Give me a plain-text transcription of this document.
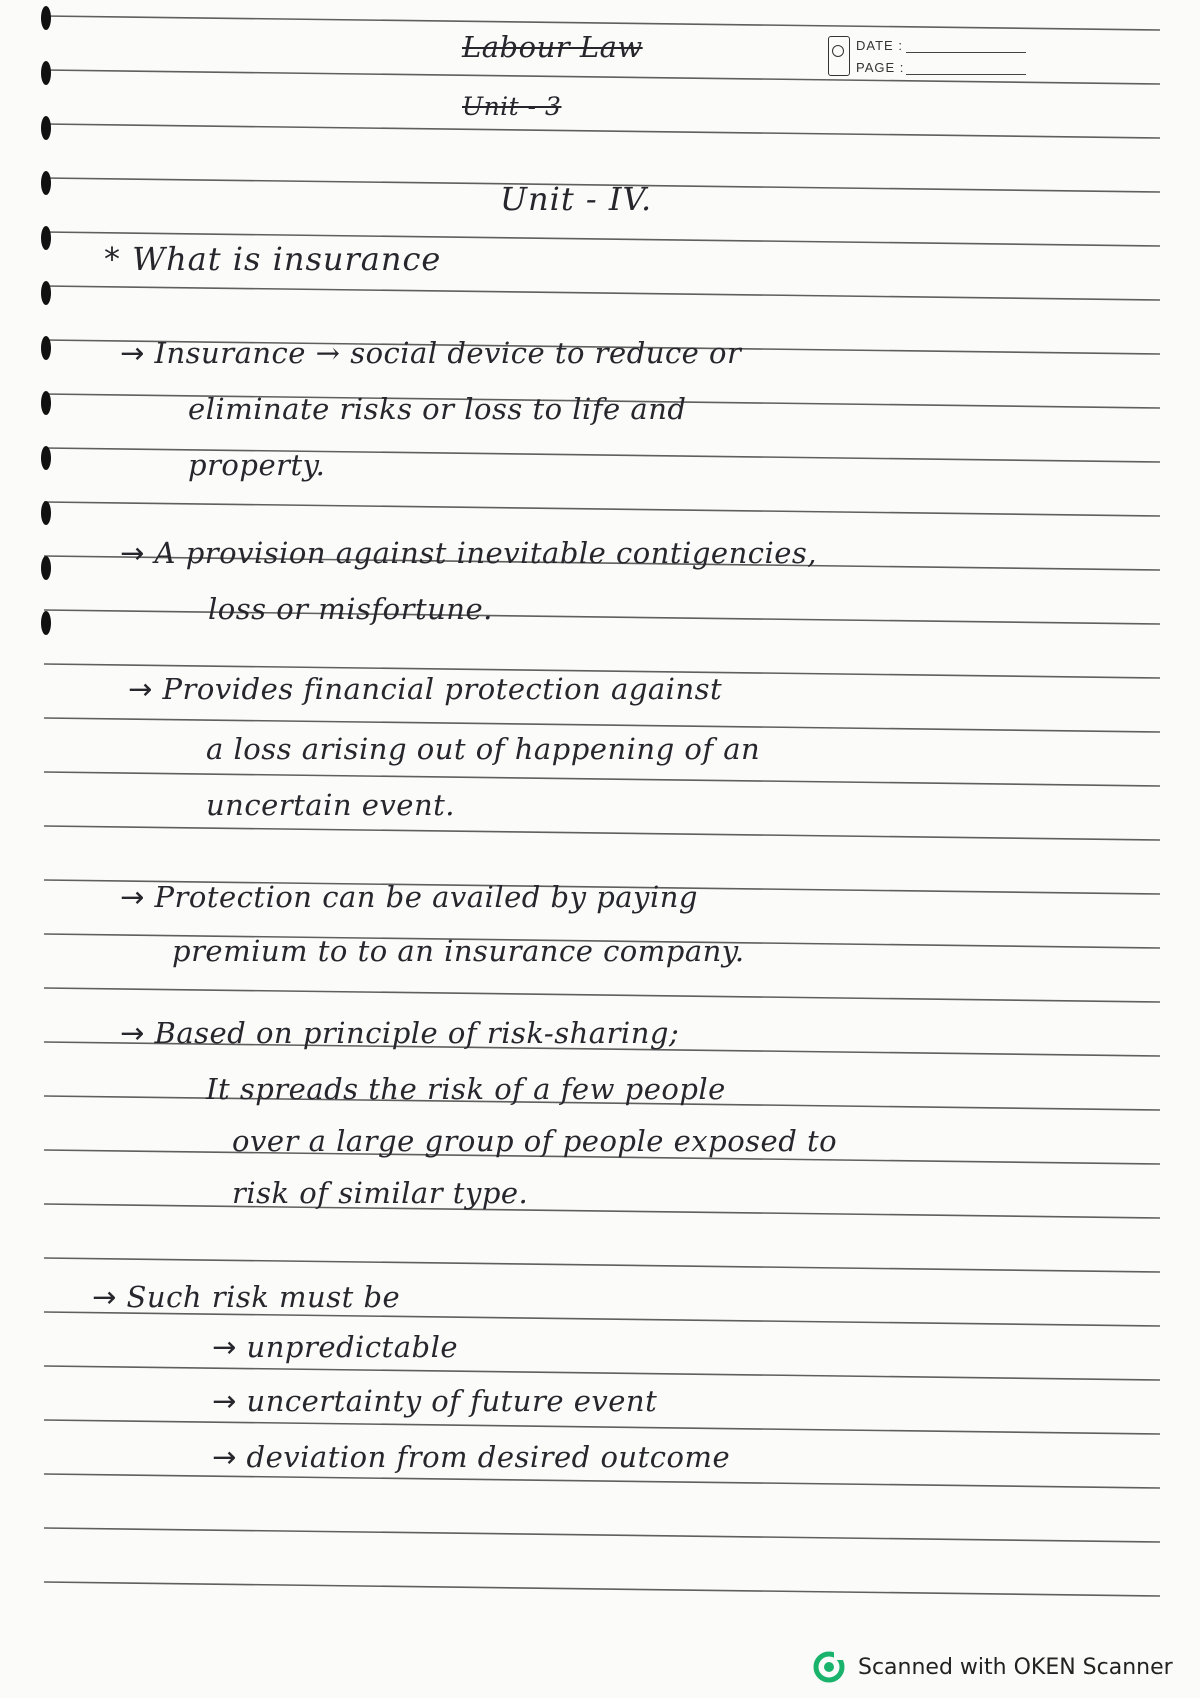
Labour Law
Unit - 3
DATE :
PAGE :
Unit - IV.
* What is insurance
→ Insurance → social device to reduce or
eliminate risks or loss to life and
property.
→ A provision against inevitable contigencies,
loss or misfortune.
→ Provides financial protection against
a loss arising out of happening of an
uncertain event.
→ Protection can be availed by paying
premium to to an insurance company.
→ Based on principle of risk-sharing;
It spreads the risk of a few people
over a large group of people exposed to
risk of similar type.
→ Such risk must be
→ unpredictable
→ uncertainty of future event
→ deviation from desired outcome
Scanned with OKEN Scanner
